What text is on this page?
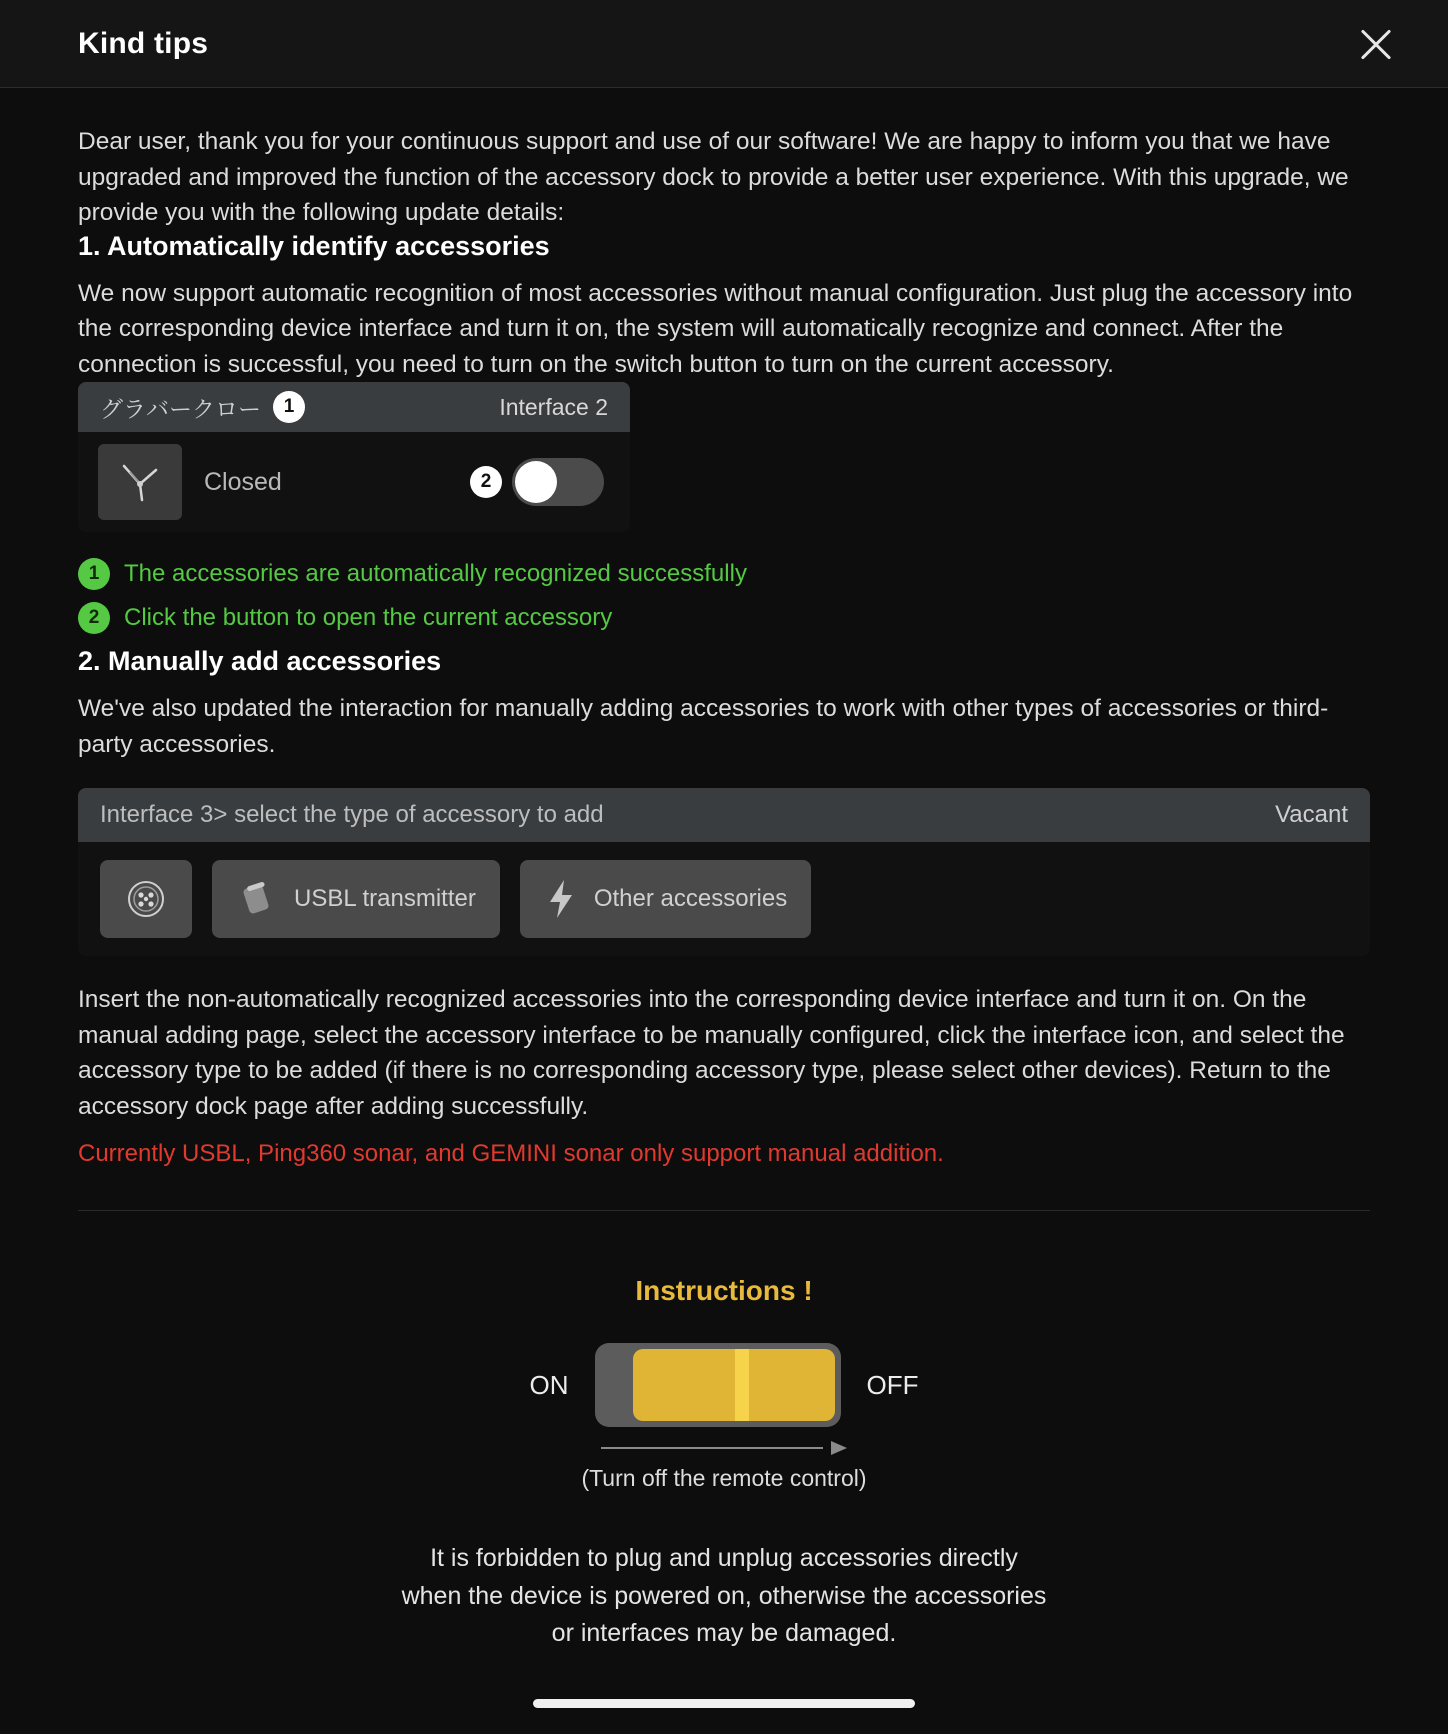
Kind tips

Dear user, thank you for your continuous support and use of our software! We are happy to inform you that we have upgraded and improved the function of the accessory dock to provide a better user experience. With this upgrade, we provide you with the following update details:

1. Automatically identify accessories

We now support automatic recognition of most accessories without manual configuration. Just plug the accessory into the corresponding device interface and turn it on, the system will automatically recognize and connect. After the connection is successful, you need to turn on the switch button to turn on the current accessory.

グラバークロー	1	Interface 2
Closed	2
1	The accessories are automatically recognized successfully
2	Click the button to open the current accessory
2. Manually add accessories

We've also updated the interaction for manually adding accessories to work with other types of accessories or third-party accessories.

Interface 3> select the type of accessory to add	Vacant
USBL transmitter	Other accessories

Insert the non-automatically recognized accessories into the corresponding device interface and turn it on. On the manual adding page, select the accessory interface to be manually configured, click the interface icon, and select the accessory type to be added (if there is no corresponding accessory type, please select other devices). Return to the accessory dock page after adding successfully.

Currently USBL, Ping360 sonar, and GEMINI sonar only support manual addition.

Instructions !
ON	OFF
(Turn off the remote control)
It is forbidden to plug and unplug accessories directly
when the device is powered on, otherwise the accessories
or interfaces may be damaged.
